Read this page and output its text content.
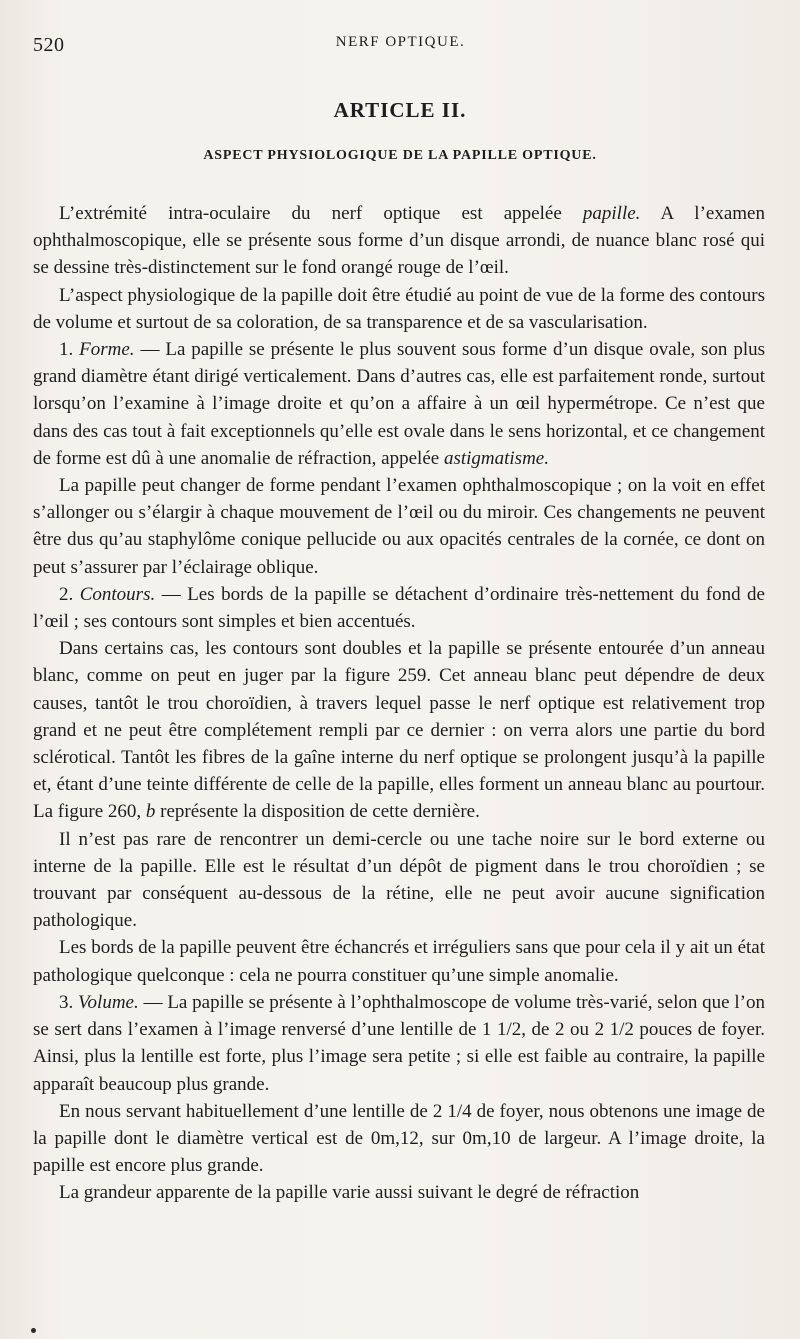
520	NERF OPTIQUE.
ARTICLE II.
ASPECT PHYSIOLOGIQUE DE LA PAPILLE OPTIQUE.

L’extrémité intra-oculaire du nerf optique est appelée papille. A l’examen ophthalmoscopique, elle se présente sous forme d’un disque arrondi, de nuance blanc rosé qui se dessine très-distinctement sur le fond orangé rouge de l’œil.

L’aspect physiologique de la papille doit être étudié au point de vue de la forme des contours de volume et surtout de sa coloration, de sa transparence et de sa vascularisation.

1. Forme. — La papille se présente le plus souvent sous forme d’un disque ovale, son plus grand diamètre étant dirigé verticalement. Dans d’autres cas, elle est parfaitement ronde, surtout lorsqu’on l’examine à l’image droite et qu’on a affaire à un œil hypermétrope. Ce n’est que dans des cas tout à fait exceptionnels qu’elle est ovale dans le sens horizontal, et ce changement de forme est dû à une anomalie de réfraction, appelée astigmatisme.

La papille peut changer de forme pendant l’examen ophthalmoscopique ; on la voit en effet s’allonger ou s’élargir à chaque mouvement de l’œil ou du miroir. Ces changements ne peuvent être dus qu’au staphylôme conique pellucide ou aux opacités centrales de la cornée, ce dont on peut s’assurer par l’éclairage oblique.

2. Contours. — Les bords de la papille se détachent d’ordinaire très-nettement du fond de l’œil ; ses contours sont simples et bien accentués.

Dans certains cas, les contours sont doubles et la papille se présente entourée d’un anneau blanc, comme on peut en juger par la figure 259. Cet anneau blanc peut dépendre de deux causes, tantôt le trou choroïdien, à travers lequel passe le nerf optique est relativement trop grand et ne peut être complétement rempli par ce dernier : on verra alors une partie du bord sclérotical. Tantôt les fibres de la gaîne interne du nerf optique se prolongent jusqu’à la papille et, étant d’une teinte différente de celle de la papille, elles forment un anneau blanc au pourtour. La figure 260, b représente la disposition de cette dernière.

Il n’est pas rare de rencontrer un demi-cercle ou une tache noire sur le bord externe ou interne de la papille. Elle est le résultat d’un dépôt de pigment dans le trou choroïdien ; se trouvant par conséquent au-dessous de la rétine, elle ne peut avoir aucune signification pathologique.

Les bords de la papille peuvent être échancrés et irréguliers sans que pour cela il y ait un état pathologique quelconque : cela ne pourra constituer qu’une simple anomalie.

3. Volume. — La papille se présente à l’ophthalmoscope de volume très-varié, selon que l’on se sert dans l’examen à l’image renversé d’une lentille de 1 1/2, de 2 ou 2 1/2 pouces de foyer. Ainsi, plus la lentille est forte, plus l’image sera petite ; si elle est faible au contraire, la papille apparaît beaucoup plus grande.

En nous servant habituellement d’une lentille de 2 1/4 de foyer, nous obtenons une image de la papille dont le diamètre vertical est de 0m,12, sur 0m,10 de largeur. A l’image droite, la papille est encore plus grande.

La grandeur apparente de la papille varie aussi suivant le degré de réfraction
